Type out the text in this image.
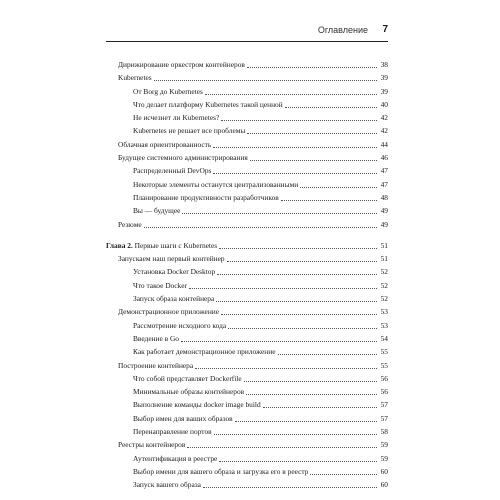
Оглавление 7
Дирижирование оркестром контейнеров	38
Kubernetes	39
От Borg до Kubernetes	39
Что делает платформу Kubernetes такой ценной	40
Не исчезнет ли Kubernetes?	42
Kubernetes не решает все проблемы	42
Облачная ориентированность	44
Будущее системного администрирования	46
Распределенный DevOps	47
Некоторые элементы останутся централизованными	47
Планирование продуктивности разработчиков	48
Вы — будущее	49
Резюме	49
Глава 2. Первые шаги с Kubernetes	51
Запускаем наш первый контейнер	51
Установка Docker Desktop	52
Что такое Docker	52
Запуск образа контейнера	52
Демонстрационное приложение	53
Рассмотрение исходного кода	53
Введение в Go	54
Как работает демонстрационное приложение	55
Построение контейнера	55
Что собой представляет Dockerfile	56
Минимальные образы контейнеров	56
Выполнение команды docker image build	57
Выбор имен для ваших образов	57
Перенаправление портов	58
Реестры контейнеров	59
Аутентификация в реестре	59
Выбор имени для вашего образа и загрузка его в реестр	60
Запуск вашего образа	60
